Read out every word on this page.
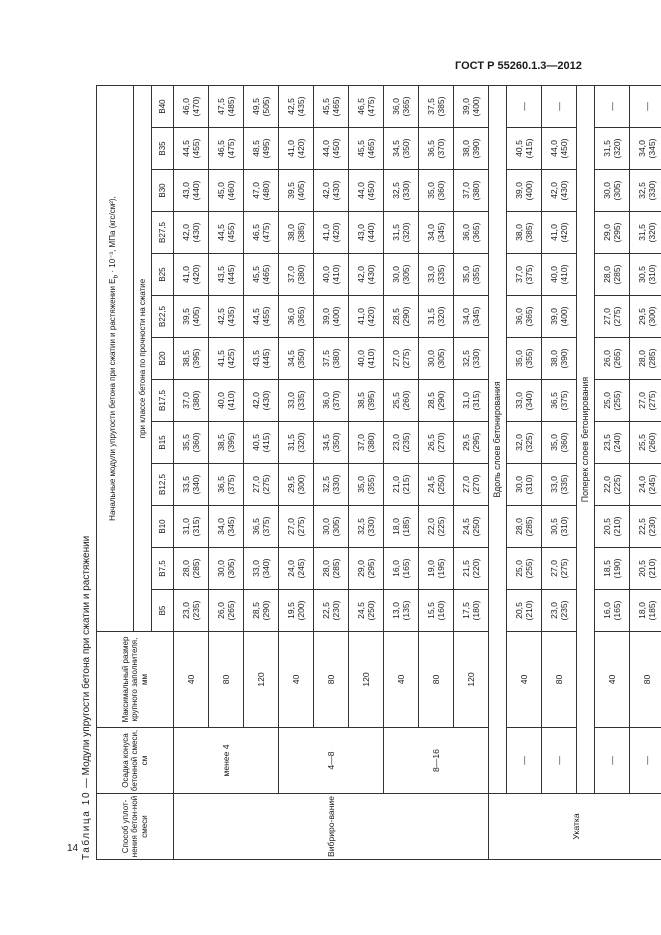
ГОСТ Р 55260.1.3—2012
14 Таблица 10 — Модули упругости бетона при сжатии и растяжении
Способ уплот-нения бетон-ной смеси	Осадка конуса бетонной смеси, см	Максимальный размер крупного заполнителя, мм	Начальные модули упругости бетона при сжатии и растяжении $E_b \cdot 10^{-3}$, МПа (кгс/см²),												
			при классе бетона по прочности на сжатие												
			B5	B7,5	B10	B12,5	B15	B17,5	B20	B22,5	B25	B27,5	B30	B35	B40
Вибриро-вание	менее 4	40	23,0 (235)	28,0 (285)	31,0 (315)	33,5 (340)	35,5 (360)	37,0 (380)	38,5 (395)	39,5 (405)	41,0 (420)	42,0 (430)	43,0 (440)	44,5 (455)	46,0 (470)

		80	26,0 (265)	30,0 (305)	34,0 (345)	36,5 (375)	38,5 (395)	40,0 (410)	41,5 (425)	42,5 (435)	43,5 (445)	44,5 (455)	45,0 (460)	46,5 (475)	47,5 (485)

		120	28,5 (290)	33,0 (340)	36,5 (375)	27,0 (275)	40,5 (415)	42,0 (430)	43,5 (445)	44,5 (455)	45,5 (465)	46,5 (475)	47,0 (480)	48,5 (495)	49,5 (505)

	4—8	40	19,5 (200)	24,0 (245)	27,0 (275)	29,5 (300)	31,5 (320)	33,0 (335)	34,5 (350)	36,0 (365)	37,0 (380)	38,0 (385)	39,5 (405)	41,0 (420)	42,5 (435)

		80	22,5 (230)	28,0 (285)	30,0 (305)	32,5 (330)	34,5 (350)	36,0 (370)	37,5 (380)	39,0 (400)	40,0 (410)	41,0 (420)	42,0 (430)	44,0 (450)	45,5 (465)

		120	24,5 (250)	29,0 (295)	32,5 (330)	35,0 (355)	37,0 (380)	38,5 (395)	40,0 (410)	41,0 (420)	42,0 (430)	43,0 (440)	44,0 (450)	45,5 (465)	46,5 (475)

	8—16	40	13,0 (135)	16,0 (165)	18,0 (185)	21,0 (215)	23,0 (235)	25,5 (260)	27,0 (275)	28,5 (290)	30,0 (305)	31,5 (320)	32,5 (330)	34,5 (350)	36,0 (365)

		80	15,5 (160)	19,0 (195)	22,0 (225)	24,5 (250)	26,5 (270)	28,5 (290)	30,0 (305)	31,5 (320)	33,0 (335)	34,0 (345)	35,0 (360)	36,5 (370)	37,5 (385)

		120	17,5 (180)	21,5 (220)	24,5 (250)	27,0 (270)	29,5 (295)	31,0 (315)	32,5 (330)	34,0 (345)	35,0 (355)	36,0 (365)	37,0 (380)	38,0 (390)	39,0 (400)

Укатка	Вдоль слоев бетонирования														
	—	40	20,5 (210)	25,0 (255)	28,0 (285)	30,0 (310)	32,0 (325)	33,0 (340)	35,0 (355)	36,0 (365)	37,0 (375)	38,0 (385)	39,0 (400)	40,5 (415)	—

	—	80	23,0 (235)	27,0 (275)	30,5 (310)	33,0 (335)	35,0 (360)	36,5 (375)	38,0 (390)	39,0 (400)	40,0 (410)	41,0 (420)	42,0 (430)	44,0 (450)	—

	Поперек слоев бетонирования														
	—	40	16,0 (165)	18,5 (190)	20,5 (210)	22,0 (225)	23,5 (240)	25,0 (255)	26,0 (265)	27,0 (275)	28,0 (285)	29,0 (295)	30,0 (305)	31,5 (320)	—

	—	80	18,0 (185)	20,5 (210)	22,5 (230)	24,0 (245)	25,5 (260)	27,0 (275)	28,0 (285)	29,5 (300)	30,5 (310)	31,5 (320)	32,5 (330)	34,0 (345)	—
